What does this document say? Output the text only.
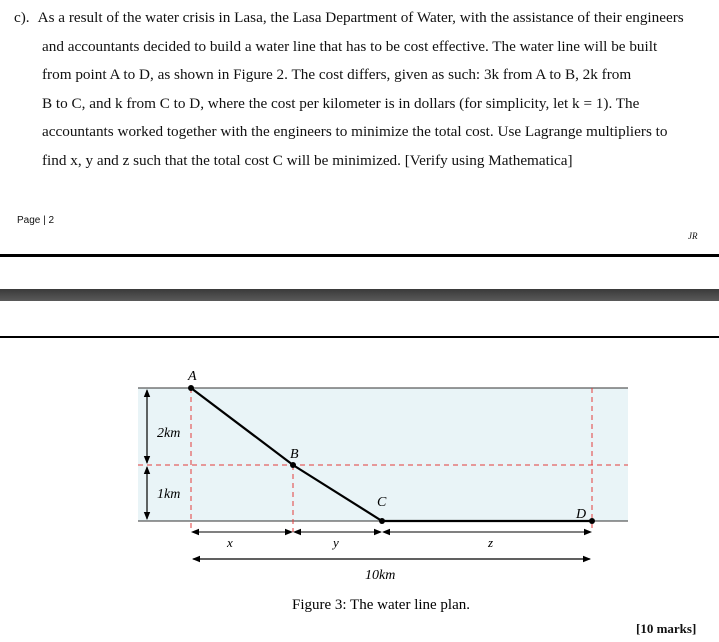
c). As a result of the water crisis in Lasa, the Lasa Department of Water, with the assistance of their engineers
and accountants decided to build a water line that has to be cost effective. The water line will be built
from point A to D, as shown in Figure 2. The cost differs, given as such: 3k from A to B, 2k from
B to C, and k from C to D, where the cost per kilometer is in dollars (for simplicity, let k = 1). The
accountants worked together with the engineers to minimize the total cost. Use Lagrange multipliers to
find x, y and z such that the total cost C will be minimized. [Verify using Mathematica]
Page | 2
JR
A
B
C
D
2km
1km
x	y	z
10km
Figure 3: The water line plan.
[10 marks]
